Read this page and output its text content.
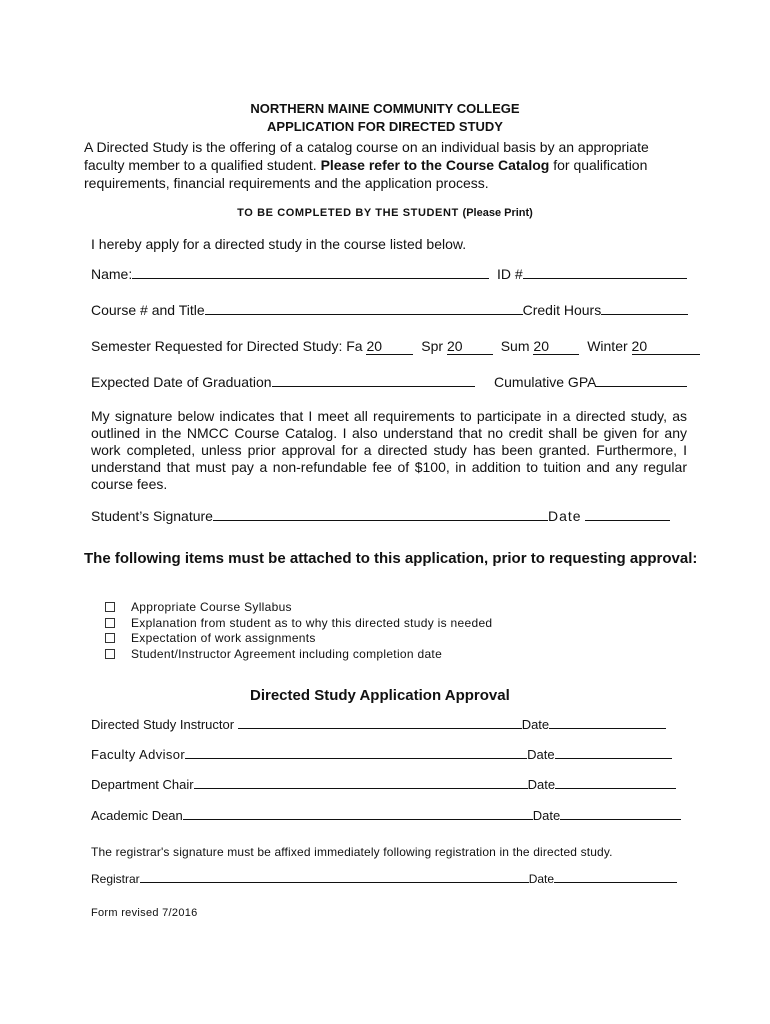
NORTHERN MAINE COMMUNITY COLLEGE
APPLICATION FOR DIRECTED STUDY
A Directed Study is the offering of a catalog course on an individual basis by an appropriate faculty member to a qualified student. Please refer to the Course Catalog for qualification requirements, financial requirements and the application process.
TO BE COMPLETED BY THE STUDENT (Please Print)
I hereby apply for a directed study in the course listed below.
Name:	ID #
Course # and Title	Credit Hours
Semester Requested for Directed Study: Fa 20	Spr 20	Sum 20	Winter 20
Expected Date of Graduation	Cumulative GPA
My signature below indicates that I meet all requirements to participate in a directed study, as outlined in the NMCC Course Catalog. I also understand that no credit shall be given for any work completed, unless prior approval for a directed study has been granted. Furthermore, I understand that must pay a non-refundable fee of $100, in addition to tuition and any regular course fees.
Student’s Signature	Date
The following items must be attached to this application, prior to requesting approval:
Appropriate Course Syllabus
Explanation from student as to why this directed study is needed
Expectation of work assignments
Student/Instructor Agreement including completion date
Directed Study Application Approval
Directed Study Instructor	Date
Faculty Advisor	Date
Department Chair	Date
Academic Dean	Date
The registrar's signature must be affixed immediately following registration in the directed study.
Registrar	Date
Form revised 7/2016
